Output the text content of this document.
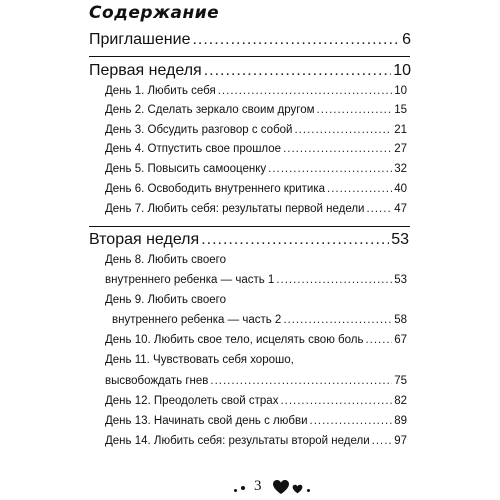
Содержание
Приглашение .....	6
Первая неделя .....	10
День 1. Любить себя .....	10
День 2. Сделать зеркало своим другом .....	15
День 3. Обсудить разговор с собой .....	21
День 4. Отпустить свое прошлое .....	27
День 5. Повысить самооценку .....	32
День 6. Освободить внутреннего критика .....	40
День 7. Любить себя: результаты первой недели .....	47
Вторая неделя .....	53
День 8. Любить своего
внутреннего ребенка — часть 1 .....	53
День 9. Любить своего
внутреннего ребенка — часть 2 .....	58
День 10. Любить свое тело, исцелять свою боль .....	67
День 11. Чувствовать себя хорошо,
высвобождать гнев .....	75
День 12. Преодолеть свой страх .....	82
День 13. Начинать свой день с любви .....	89
День 14. Любить себя: результаты второй недели ..... 97
3
